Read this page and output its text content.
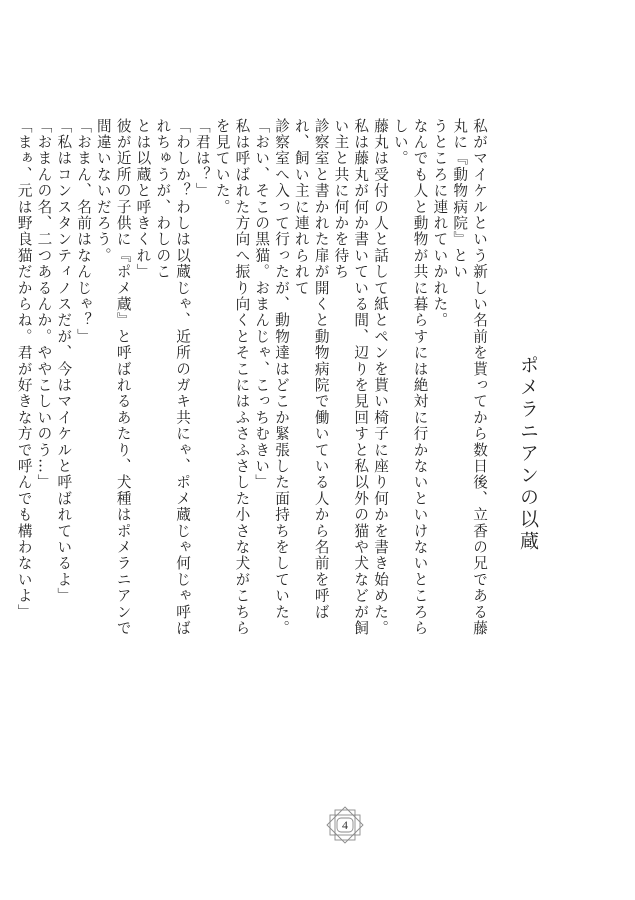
ポメラニアンの以蔵

私がマイケルという新しい名前を貰ってから数日後、立香の兄である藤丸に『動物病院』とい

うところに連れていかれた。

なんでも人と動物が共に暮らすには絶対に行かないといけないところらしい。

藤丸は受付の人と話して紙とペンを貰い椅子に座り何かを書き始めた。

私は藤丸が何か書いている間、辺りを見回すと私以外の猫や犬などが飼い主と共に何かを待ち

診察室と書かれた扉が開くと動物病院で働いている人から名前を呼ばれ、飼い主に連れられて

診察室へ入って行ったが、動物達はどこか緊張した面持ちをしていた。

「おい、そこの黒猫。おまんじゃ、こっちむきい」

私は呼ばれた方向へ振り向くとそこにはふさふさした小さな犬がこちらを見ていた。

「君は？」

「わしか？わしは以蔵じゃ、近所のガキ共にゃ、ポメ蔵じゃ何じゃ呼ばれちゅうが、わしのこ

とは以蔵と呼きくれ」

彼が近所の子供に『ポメ蔵』と呼ばれるあたり、犬種はポメラニアンで間違いないだろう。

「おまん、名前はなんじゃ？」

「私はコンスタンティノスだが、今はマイケルと呼ばれているよ」

「おまんの名、二つあるんか。ややこしいのう…」

「まぁ、元は野良猫だからね。君が好きな方で呼んでも構わないよ」

4
